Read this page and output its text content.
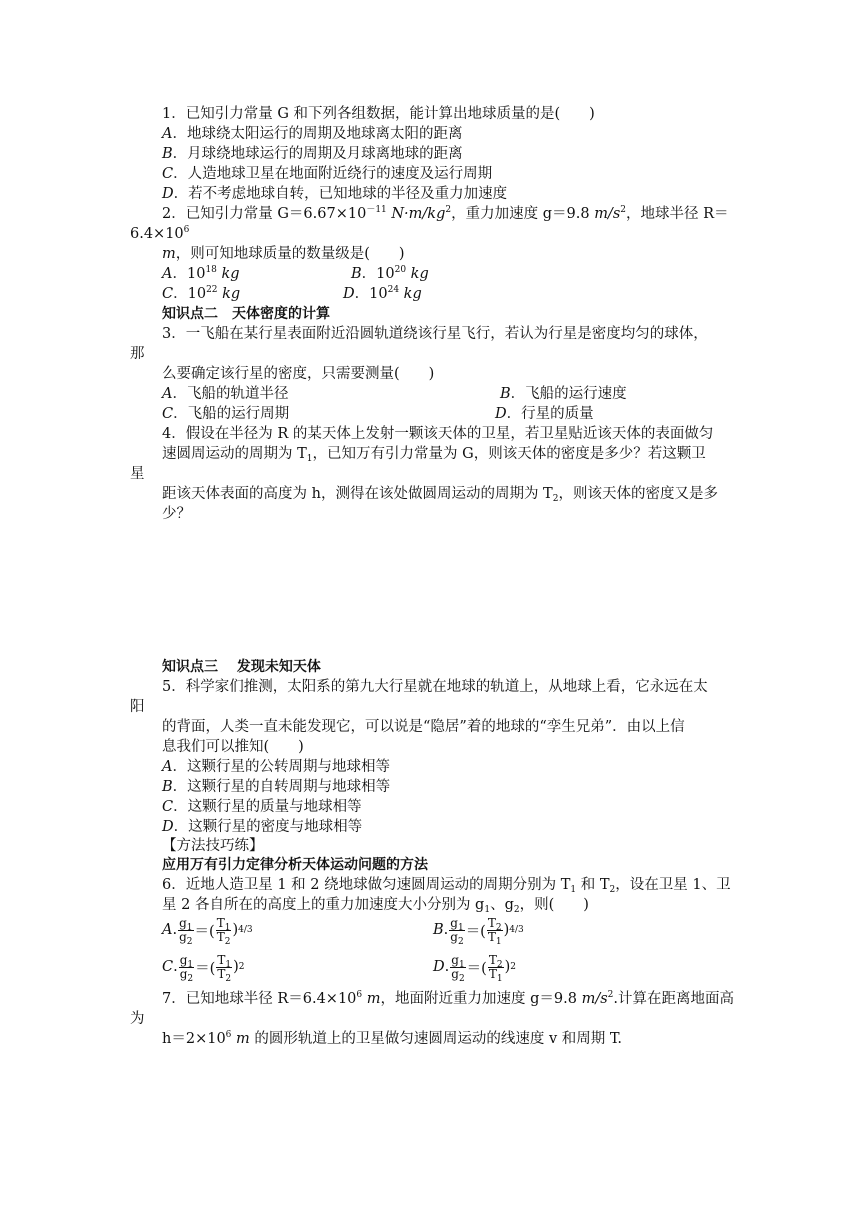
1．已知引力常量 G 和下列各组数据，能计算出地球质量的是(　　)
A．地球绕太阳运行的周期及地球离太阳的距离
B．月球绕地球运行的周期及月球离地球的距离
C．人造地球卫星在地面附近绕行的速度及运行周期
D．若不考虑地球自转，已知地球的半径及重力加速度
2．已知引力常量 $G=6.67\times 10^{-11}$ $N\cdot m/kg^2$，重力加速度 g＝9.8 $m/s^2$，地球半径 R＝
$6.4\times 10^6$
m，则可知地球质量的数量级是(　　)
A．$10^{18}$ kg	B．$10^{20}$ kg
C．$10^{22}$ kg	D．$10^{24}$ kg
知识点二　天体密度的计算
3．一飞船在某行星表面附近沿圆轨道绕该行星飞行，若认为行星是密度均匀的球体，
那
么要确定该行星的密度，只需要测量(　　)
A．飞船的轨道半径	B．飞船的运行速度
C．飞船的运行周期	D．行星的质量
4．假设在半径为 R 的某天体上发射一颗该天体的卫星，若卫星贴近该天体的表面做匀
速圆周运动的周期为 $T_1$，已知万有引力常量为 G，则该天体的密度是多少？若这颗卫
星
距该天体表面的高度为 h，测得在该处做圆周运动的周期为 $T_2$，则该天体的密度又是多
少？
知识点三　 发现未知天体
5．科学家们推测，太阳系的第九大行星就在地球的轨道上，从地球上看，它永远在太
阳
的背面，人类一直未能发现它，可以说是“隐居”着的地球的“孪生兄弟”．由以上信
息我们可以推知(　　)
A．这颗行星的公转周期与地球相等
B．这颗行星的自转周期与地球相等
C．这颗行星的质量与地球相等
D．这颗行星的密度与地球相等
【方法技巧练】
应用万有引力定律分析天体运动问题的方法
6．近地人造卫星 1 和 2 绕地球做匀速圆周运动的周期分别为 $T_1$ 和 $T_2$，设在卫星 1、卫
星 2 各自所在的高度上的重力加速度大小分别为 $g_1$、$g_2$，则(　　)
A . $\frac{g_1}{g_2}$ ＝( $\frac{T_1}{T_2}$ ) 4/3	B . $\frac{g_1}{g_2}$ ＝( $\frac{T_2}{T_1}$ ) 4/3
C . $\frac{g_1}{g_2}$ ＝( $\frac{T_1}{T_2}$ ) 2	D . $\frac{g_1}{g_2}$ ＝( $\frac{T_2}{T_1}$ ) 2
7．已知地球半径 $R=6.4\times 10^6$ m，地面附近重力加速度 g＝9.8 $m/s^2$.计算在距离地面高
为
$h=2\times 10^6$ m 的圆形轨道上的卫星做匀速圆周运动的线速度 v 和周期 T.
